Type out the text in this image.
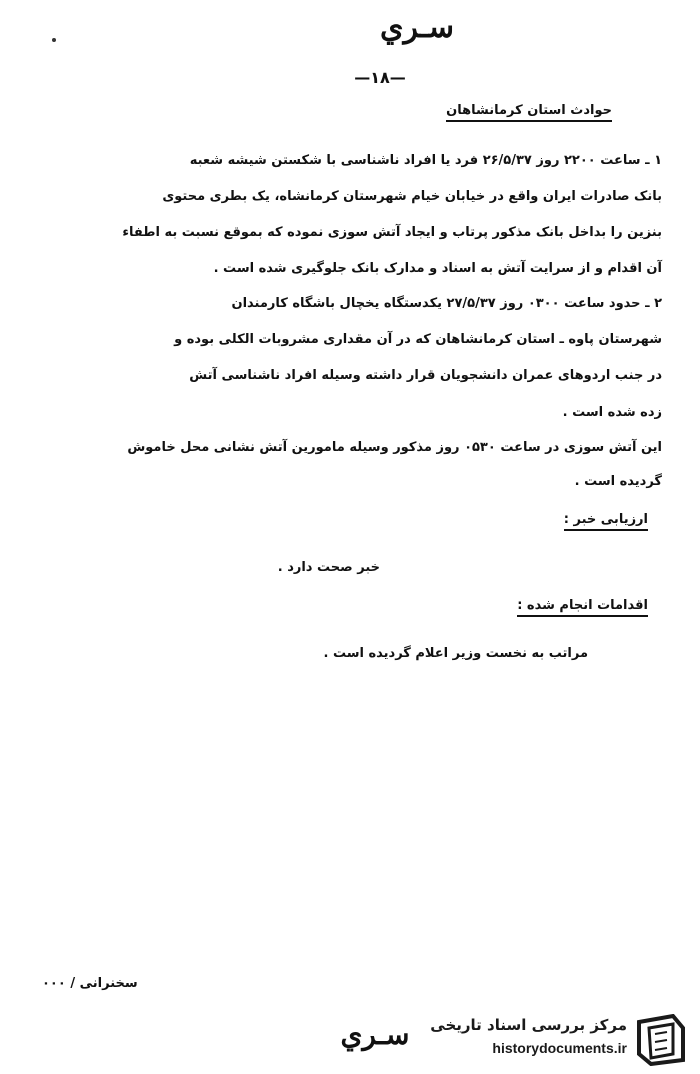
سـري
—۱۸—
حوادث استان کرمانشاهان
۱ ـ ساعت ۲۲۰۰ روز ۲۶/۵/۳۷ فرد یا افراد ناشناسی با شکستن شیشه شعبه
بانک صادرات ایران واقع در خیابان خیام شهرستان کرمانشاه، یک بطری محتوی
بنزین را بداخل بانک مذکور پرتاب و ایجاد آتش سوزی نموده که بموقع نسبت به اطفاء
آن اقدام و از سرایت آتش به اسناد و مدارک بانک جلوگیری شده است .
۲ ـ حدود ساعت ۰۳۰۰ روز ۲۷/۵/۳۷ یکدستگاه یخچال باشگاه کارمندان
شهرستان پاوه ـ استان کرمانشاهان که در آن مقداری مشروبات الکلی بوده و
در جنب اردوهای عمران دانشجویان قرار داشته وسیله افراد ناشناسی آتش
زده شده است .
این آتش سوزی در ساعت ۰۵۳۰ روز مذکور وسیله مامورین آتش نشانی محل خاموش
گردیده است .
ارزیابی خبر :
خبر صحت دارد .
اقدامات انجام شده :
مراتب به نخست وزیر اعلام گردیده است .
سخنرانی / ۰۰۰
سـري	مرکز بررسی اسناد تاریخی
historydocuments.ir
